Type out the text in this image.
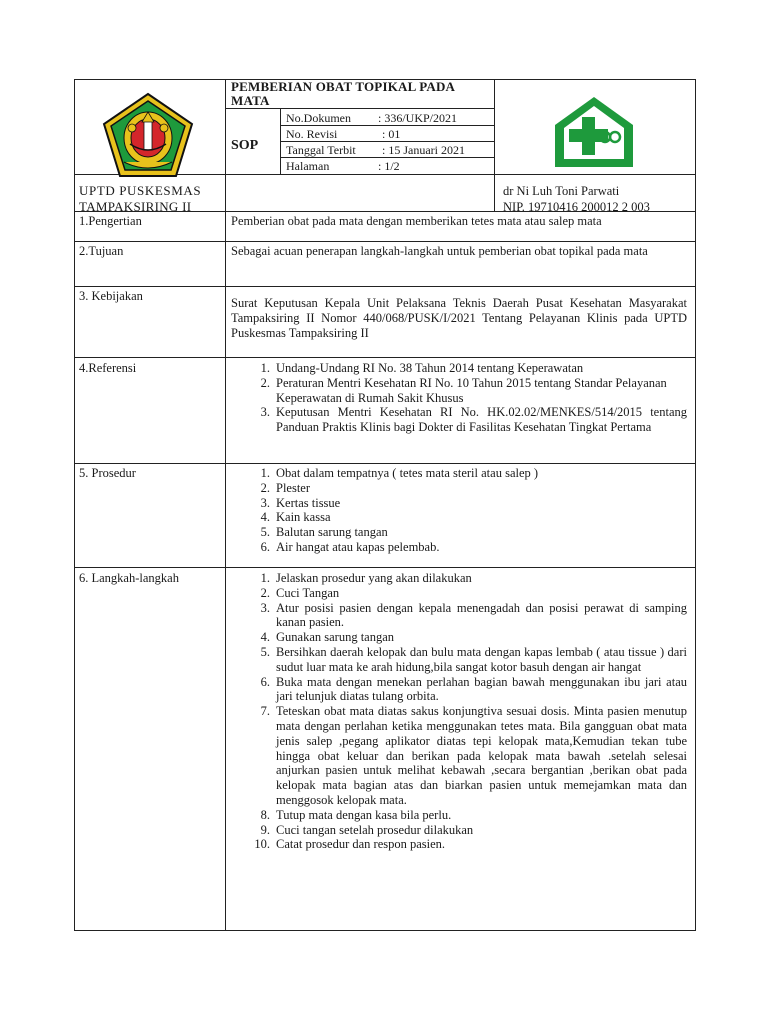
PEMBERIAN OBAT TOPIKAL PADA MATA
SOP
No.Dokumen : 336/UKP/2021
No. Revisi	: 01
Tanggal Terbit : 15 Januari 2021
Halaman	: 1/2
UPTD PUSKESMAS
TAMPAKSIRING II
dr Ni Luh Toni Parwati
NIP. 19710416 200012 2 003
1.Pengertian	Pemberian obat pada mata dengan memberikan tetes mata atau salep mata
2.Tujuan	Sebagai acuan penerapan langkah-langkah untuk pemberian obat topikal pada mata
3. Kebijakan	Surat Keputusan Kepala Unit Pelaksana Teknis Daerah Pusat Kesehatan Masyarakat Tampaksiring II Nomor 440/068/PUSK/I/2021 Tentang Pelayanan Klinis pada UPTD Puskesmas Tampaksiring II
4.Referensi	1. Undang-Undang RI No. 38 Tahun 2014 tentang Keperawatan
2. Peraturan Mentri Kesehatan RI No. 10 Tahun 2015 tentang Standar Pelayanan Keperawatan di Rumah Sakit Khusus
3. Keputusan Mentri Kesehatan RI No. HK.02.02/MENKES/514/2015 tentang Panduan Praktis Klinis bagi Dokter di Fasilitas Kesehatan Tingkat Pertama
5. Prosedur	1. Obat dalam tempatnya ( tetes mata steril atau salep )
2. Plester
3. Kertas tissue
4. Kain kassa
5. Balutan sarung tangan
6. Air hangat atau kapas pelembab.
6. Langkah-langkah	1. Jelaskan prosedur yang akan dilakukan
2. Cuci Tangan
3. Atur posisi pasien dengan kepala menengadah dan posisi perawat di samping kanan pasien.
4. Gunakan sarung tangan
5. Bersihkan daerah kelopak dan bulu mata dengan kapas lembab ( atau tissue ) dari sudut luar mata ke arah hidung,bila sangat kotor basuh dengan air hangat
6. Buka mata dengan menekan perlahan bagian bawah menggunakan ibu jari atau jari telunjuk diatas tulang orbita.
7. Teteskan obat mata diatas sakus konjungtiva sesuai dosis. Minta pasien menutup mata dengan perlahan ketika menggunakan tetes mata. Bila gangguan obat mata jenis salep ,pegang aplikator diatas tepi kelopak mata,Kemudian tekan tube hingga obat keluar dan berikan pada kelopak mata bawah .setelah selesai anjurkan pasien untuk melihat kebawah ,secara bergantian ,berikan obat pada kelopak mata bagian atas dan biarkan pasien untuk memejamkan mata dan menggosok kelopak mata.
8. Tutup mata dengan kasa bila perlu.
9. Cuci tangan setelah prosedur dilakukan
10. Catat prosedur dan respon pasien.
